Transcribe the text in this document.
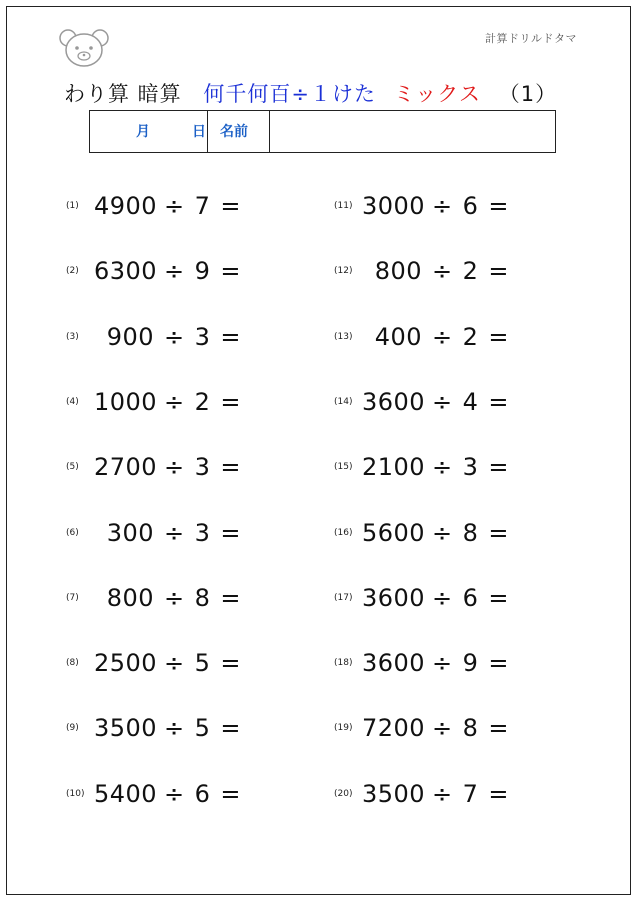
計算ドリルドタマ
わり算 暗算 何千何百÷１けた ミックス （1）
月	日	名前
(1) 4900 ÷ 7 =
(2) 6300 ÷ 9 =
(3)	900 ÷ 3 =
(4) 1000 ÷ 2 =
(5) 2700 ÷ 3 =
(6)	300 ÷ 3 =
(7)	800 ÷ 8 =
(8) 2500 ÷ 5 =
(9) 3500 ÷ 5 =
(10) 5400 ÷ 6 =
(11) 3000 ÷ 6 =
(12) 800 ÷ 2 =
(13) 400 ÷ 2 =
(14) 3600 ÷ 4 =
(15) 2100 ÷ 3 =
(16) 5600 ÷ 8 =
(17) 3600 ÷ 6 =
(18) 3600 ÷ 9 =
(19) 7200 ÷ 8 =
(20) 3500 ÷ 7 =
